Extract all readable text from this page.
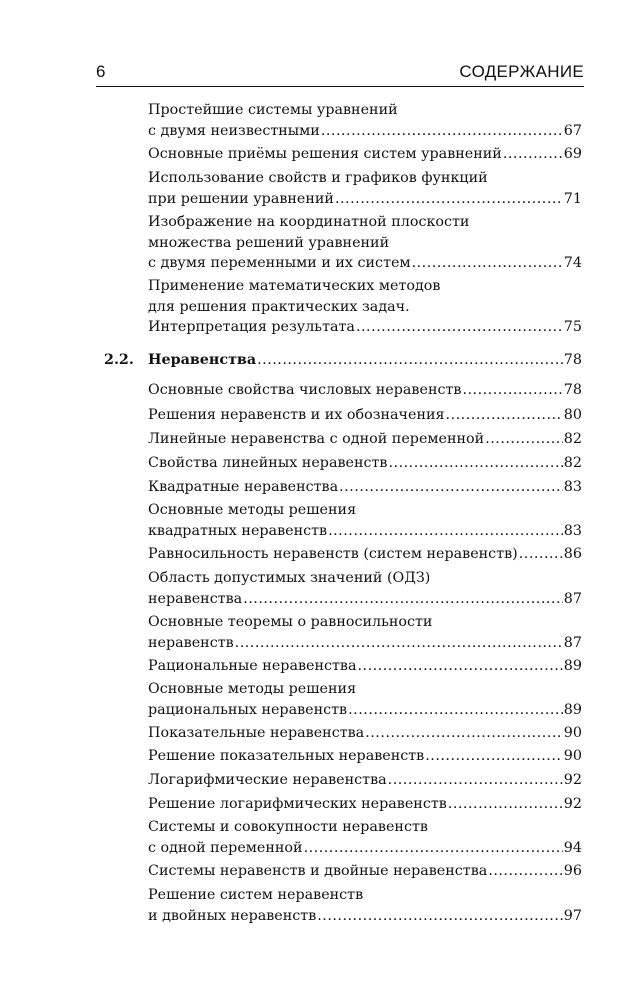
6	СОДЕРЖАНИЕ
Простейшие системы уравнений
с двумя неизвестными .....	67
Основные приёмы решения систем уравнений .....	69
Использование свойств и графиков функций
при решении уравнений .....	71
Изображение на координатной плоскости
множества решений уравнений
с двумя переменными и их систем .....	74
Применение математических методов
для решения практических задач.
Интерпретация результата .....	75
2.2. Неравенства .....	78
Основные свойства числовых неравенств .....	78
Решения неравенств и их обозначения .....	80
Линейные неравенства с одной переменной .....	82
Свойства линейных неравенств .....	82
Квадратные неравенства .....	83
Основные методы решения
квадратных неравенств .....	83
Равносильность неравенств (систем неравенств) .....	86
Область допустимых значений (ОДЗ)
неравенства .....	87
Основные теоремы о равносильности
неравенств .....	87
Рациональные неравенства .....	89
Основные методы решения
рациональных неравенств .....	89
Показательные неравенства .....	90
Решение показательных неравенств .....	90
Логарифмические неравенства .....	92
Решение логарифмических неравенств .....	92
Системы и совокупности неравенств
с одной переменной .....	94
Системы неравенств и двойные неравенства .....	96
Решение систем неравенств
и двойных неравенств .....	97
